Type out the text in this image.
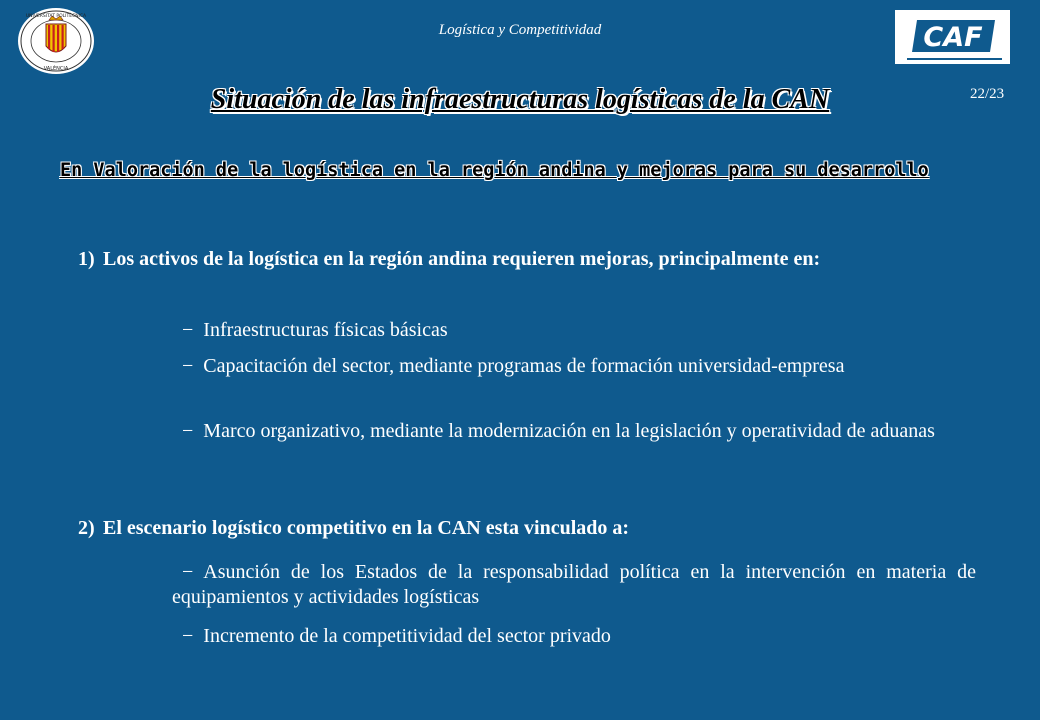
UNIVERSITAT POLITÈCNICA
VALÈNCIA
Logística y Competitividad	CAF
22/23
Situación de las infraestructuras logísticas de la CAN
En Valoración de la logística en la región andina y mejoras para su desarrollo
1) Los activos de la logística en la región andina requieren mejoras, principalmente en:
− Infraestructuras físicas básicas
− Capacitación del sector, mediante programas de formación universidad-empresa
− Marco organizativo, mediante la modernización en la legislación y operatividad de aduanas
2) El escenario logístico competitivo en la CAN esta vinculado a:
− Asunción de los Estados de la responsabilidad política en la intervención en materia de equipamientos y actividades logísticas
− Incremento de la competitividad del sector privado
